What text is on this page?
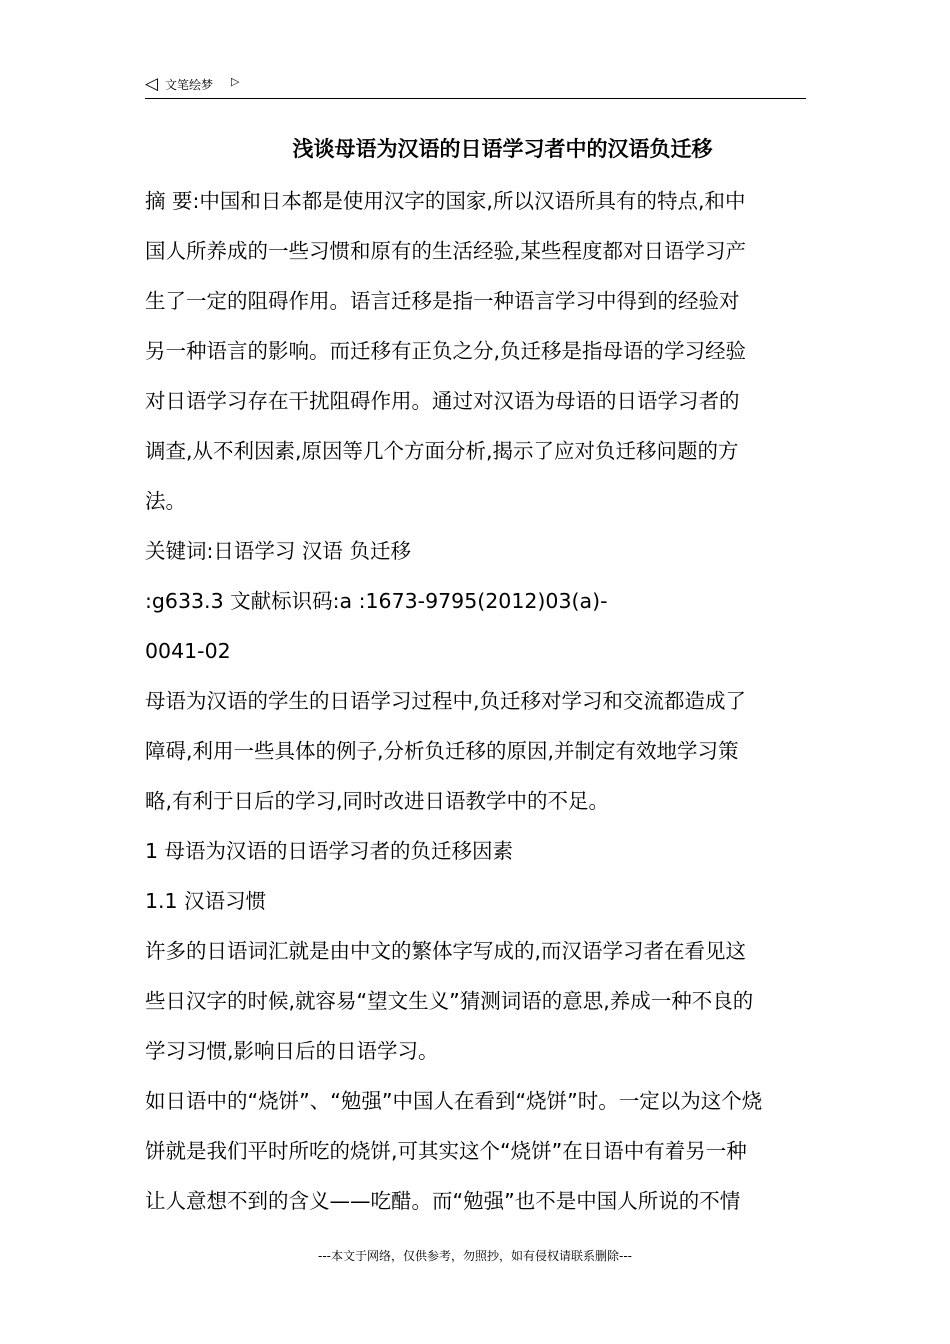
◁ 文笔绘梦 ▷
浅谈母语为汉语的日语学习者中的汉语负迁移
摘 要:中国和日本都是使用汉字的国家,所以汉语所具有的特点,和中
国人所养成的一些习惯和原有的生活经验,某些程度都对日语学习产
生了一定的阻碍作用。语言迁移是指一种语言学习中得到的经验对
另一种语言的影响。而迁移有正负之分,负迁移是指母语的学习经验
对日语学习存在干扰阻碍作用。通过对汉语为母语的日语学习者的
调查,从不利因素,原因等几个方面分析,揭示了应对负迁移问题的方
法。
关键词:日语学习 汉语 负迁移
:g633.3 文献标识码:a :1673-9795(2012)03(a)-
0041-02
母语为汉语的学生的日语学习过程中,负迁移对学习和交流都造成了
障碍,利用一些具体的例子,分析负迁移的原因,并制定有效地学习策
略,有利于日后的学习,同时改进日语教学中的不足。
1 母语为汉语的日语学习者的负迁移因素
1.1 汉语习惯
许多的日语词汇就是由中文的繁体字写成的,而汉语学习者在看见这
些日汉字的时候,就容易“望文生义”猜测词语的意思,养成一种不良的
学习习惯,影响日后的日语学习。
如日语中的“烧饼”、“勉强”中国人在看到“烧饼”时。一定以为这个烧
饼就是我们平时所吃的烧饼,可其实这个“烧饼”在日语中有着另一种
让人意想不到的含义——吃醋。而“勉强”也不是中国人所说的不情
---本文于网络，仅供参考，勿照抄，如有侵权请联系删除---
